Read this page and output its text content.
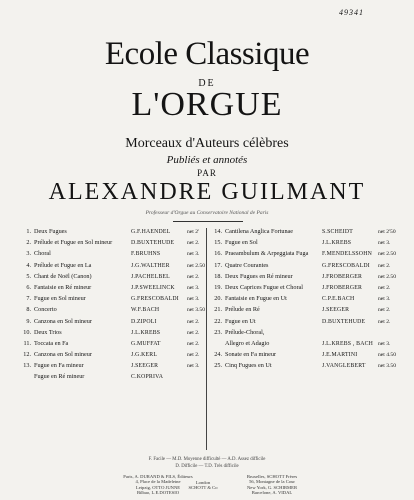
49341
Ecole Classique
DE
L'ORGUE
Morceaux d'Auteurs célèbres
Publiés et annotés
PAR
ALEXANDRE GUILMANT
Professeur d'Orgue au Conservatoire National de Paris
1. Deux Fugues	G.F.HAENDEL	net 2'
2. Prélude et Fugue en Sol mineur	D.BUXTEHUDE	net 2.
3. Choral	F.BRUHNS	net 3.
4. Prélude et Fugue en La	J.G.WALTHER	net 2.50
5. Chant de Noël (Canon)	J.PACHELBEL	net 2.
6. Fantaisie en Ré mineur	J.P.SWEELINCK	net 3.
7. Fugue en Sol mineur	G.FRESCOBALDI	net 3.
8. Concerto	W.F.BACH	net 3.50
9. Canzona en Sol mineur	D.ZIPOLI	net 2.
10. Deux Trios	J.L.KREBS	net 2.
11. Toccata en Fa	G.MUFFAT	net 2.
12. Canzona en Sol mineur	J.G.KERL	net 2.
13. Fugue en Fa mineur	J.SEEGER	net 3.
Fugue en Ré mineur	C.KOPRIVA
14. Cantilena Anglica Fortunae	S.SCHEIDT	net 2'50
15. Fugue en Sol	J.L.KREBS	net 3.
16. Praeambulum & Arpeggiata Fuga	F.MENDELSSOHN	net 2.50
17. Quatre Courantes	G.FRESCOBALDI	net 2.
18. Deux Fugues en Ré mineur	J.FROBERGER	net 2.50
19. Deux Caprices Fugue et Choral	J.FROBERGER	net 2.
20. Fantaisie en Fugue en Ut	C.P.E.BACH	net 3.
21. Prélude en Ré	J.SEEGER	net 2.
22. Fugue en Ut	D.BUXTEHUDE	net 2.
23. Prélude-Choral,
Allegro et Adagio	J.L.KREBS , BACH net 3.
24. Sonate en Fa mineur	J.E.MARTINI	net 4.50
25. Cinq Fugues en Ut	J.VANGLEBERT	net 3.50
F. Facile — M.D. Moyenne difficulté — A.D. Assez difficile
D. Difficile — T.D. Très difficile
Paris, A. DURAND & FILS, Éditeurs
4, Place de la Madeleine
Leipzig, OTTO JUNNE
Bilbao, L.E.DOTESIO
London
SCHOTT & Co
Bruxelles, SCHOTT Frères
56, Montagne de la Cour
New York, G. SCHIRMER
Barcelone, A. VIDAL
